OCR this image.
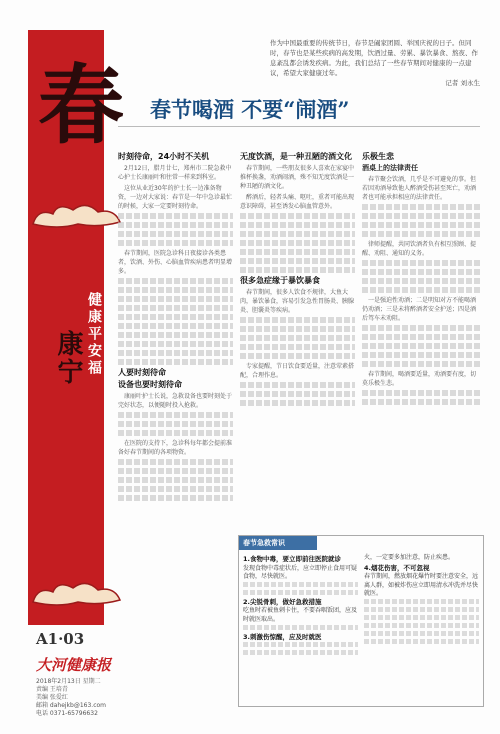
春
健康平安福
康宁
A1·03
大河健康报
2018年2月13日 星期二
责编 王培青
美编 张爱红
邮箱 dahejkb@163.com
电话 0371-65796632
作为中国最重要的传统节日，春节是阖家团圆、举国庆祝的日子。但同时，春节也是某些疾病的高发期，饮酒过量、劳累、暴饮暴食、熬夜、作息紊乱都会诱发疾病。为此，我们总结了一些春节期间对健康的一点建议，希望大家健康过年。
记者 刘永生
春节喝酒 不要“闹酒”
时刻待命，24小时不关机

2月12日，腊月廿七，郑州市二院急救中心护士长康丽叶和往常一样来到科室。

这位从业近30年的护士长一边准备物资，一边对大家说：春节是一年中急诊最忙的时候，大家一定要时刻待命。

春节期间，医院急诊科日夜接诊各类患者，饮酒、外伤、心脑血管疾病患者明显增多。

人要时刻待命
设备也要时刻待命

康丽叶护士长说，急救设备也要时刻处于完好状态，以便随时投入抢救。

在医院的支持下，急诊科每年都会提前准备好春节期间的各项物资。

无度饮酒，是一种丑陋的酒文化

春节期间，一些朋友很多人喜欢在家宴中推杯换盏，劝酒闹酒，殊不知无度饮酒是一种丑陋的酒文化。

醉酒后，轻者头痛、呕吐，重者可能出现意识障碍，甚至诱发心脑血管意外。

很多急症缘于暴饮暴食

春节期间，很多人饮食不规律，大鱼大肉，暴饮暴食，容易引发急性胃肠炎、胰腺炎、胆囊炎等疾病。

专家提醒，节日饮食要适量，注意荤素搭配，合理作息。

乐极生悲
酒桌上的法律责任

春节聚会饮酒，几乎是不可避免的事。但若因劝酒导致他人醉酒受伤甚至死亡，劝酒者也可能承担相应的法律责任。

律师提醒，共同饮酒者负有相互照顾、提醒、劝阻、通知的义务。

一是强迫性劝酒；二是明知对方不能喝酒仍劝酒；三是未将醉酒者安全护送；四是酒后驾车未劝阻。

春节期间，喝酒要适量，劝酒要有度，切莫乐极生悲。

春节急救常识
1.食物中毒，要立即前往医院就诊
发现食物中毒症状后，应立即停止食用可疑食物，尽快就医。
2.尖锐骨刺，做好急救措施
吃鱼时若被鱼刺卡住，不要吞咽饭团，应及时就医取出。
3.刺激伤惊醒，应及时就医
火，一定要多加注意，防止疾患。
4.烟花伤害，不可忽视
春节期间，燃放烟花爆竹时要注意安全，远离人群，如被炸伤应立即用清水冲洗并尽快就医。
